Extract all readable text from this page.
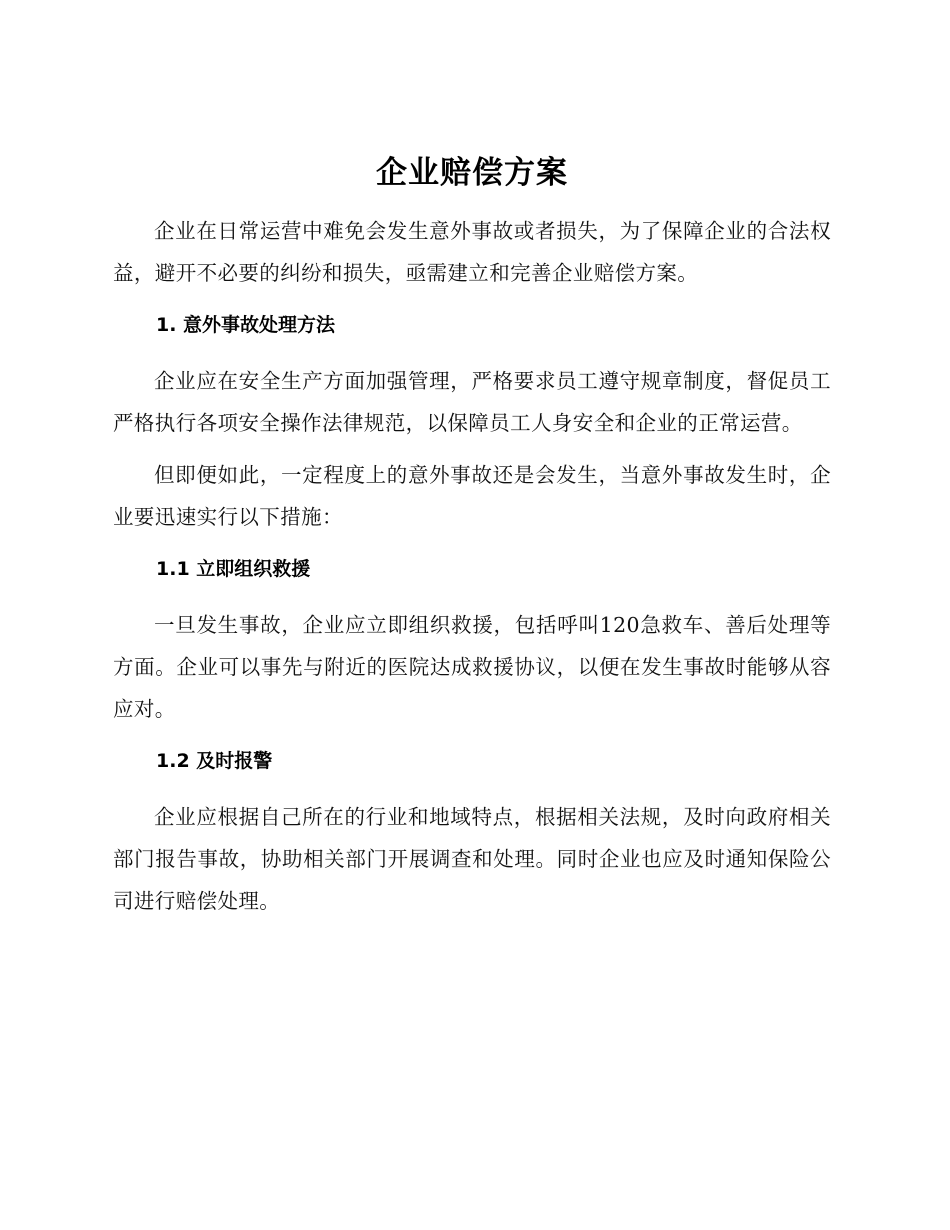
企业赔偿方案

企业在日常运营中难免会发生意外事故或者损失，为了保障企业的合法权益，避开不必要的纠纷和损失，亟需建立和完善企业赔偿方案。

1. 意外事故处理方法

企业应在安全生产方面加强管理，严格要求员工遵守规章制度，督促员工严格执行各项安全操作法律规范，以保障员工人身安全和企业的正常运营。

但即便如此，一定程度上的意外事故还是会发生，当意外事故发生时，企业要迅速实行以下措施：

1.1 立即组织救援

一旦发生事故，企业应立即组织救援，包括呼叫120急救车、善后处理等方面。企业可以事先与附近的医院达成救援协议，以便在发生事故时能够从容应对。

1.2 及时报警

企业应根据自己所在的行业和地域特点，根据相关法规，及时向政府相关部门报告事故，协助相关部门开展调查和处理。同时企业也应及时通知保险公司进行赔偿处理。
